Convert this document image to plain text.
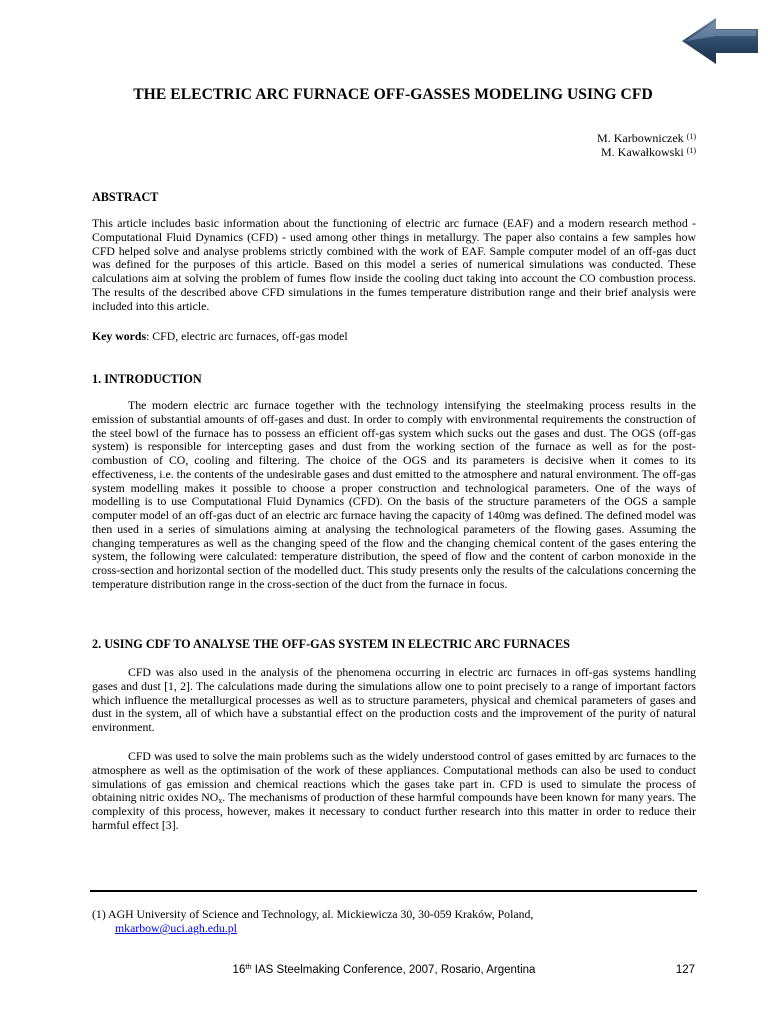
THE ELECTRIC ARC FURNACE OFF-GASSES MODELING USING CFD
M. Karbowniczek $^{(1)}$
M. Kawałkowski $^{(1)}$
ABSTRACT
This article includes basic information about the functioning of electric arc furnace (EAF) and a modern research method - Computational Fluid Dynamics (CFD) - used among other things in metallurgy. The paper also contains a few samples how CFD helped solve and analyse problems strictly combined with the work of EAF. Sample computer model of an off-gas duct was defined for the purposes of this article. Based on this model a series of numerical simulations was conducted. These calculations aim at solving the problem of fumes flow inside the cooling duct taking into account the CO combustion process. The results of the described above CFD simulations in the fumes temperature distribution range and their brief analysis were included into this article.
Key words: CFD, electric arc furnaces, off-gas model
1. INTRODUCTION
The modern electric arc furnace together with the technology intensifying the steelmaking process results in the emission of substantial amounts of off-gases and dust. In order to comply with environmental requirements the construction of the steel bowl of the furnace has to possess an efficient off-gas system which sucks out the gases and dust. The OGS (off-gas system) is responsible for intercepting gases and dust from the working section of the furnace as well as for the post-combustion of CO, cooling and filtering. The choice of the OGS and its parameters is decisive when it comes to its effectiveness, i.e. the contents of the undesirable gases and dust emitted to the atmosphere and natural environment. The off-gas system modelling makes it possible to choose a proper construction and technological parameters. One of the ways of modelling is to use Computational Fluid Dynamics (CFD). On the basis of the structure parameters of the OGS a sample computer model of an off-gas duct of an electric arc furnace having the capacity of 140mg was defined. The defined model was then used in a series of simulations aiming at analysing the technological parameters of the flowing gases. Assuming the changing temperatures as well as the changing speed of the flow and the changing chemical content of the gases entering the system, the following were calculated: temperature distribution, the speed of flow and the content of carbon monoxide in the cross-section and horizontal section of the modelled duct. This study presents only the results of the calculations concerning the temperature distribution range in the cross-section of the duct from the furnace in focus.
2. USING CDF TO ANALYSE THE OFF-GAS SYSTEM IN ELECTRIC ARC FURNACES
CFD was also used in the analysis of the phenomena occurring in electric arc furnaces in off-gas systems handling gases and dust [1, 2]. The calculations made during the simulations allow one to point precisely to a range of important factors which influence the metallurgical processes as well as to structure parameters, physical and chemical parameters of gases and dust in the system, all of which have a substantial effect on the production costs and the improvement of the purity of natural environment.
CFD was used to solve the main problems such as the widely understood control of gases emitted by arc furnaces to the atmosphere as well as the optimisation of the work of these appliances. Computational methods can also be used to conduct simulations of gas emission and chemical reactions which the gases take part in. CFD is used to simulate the process of obtaining nitric oxides $NO_x$. The mechanisms of production of these harmful compounds have been known for many years. The complexity of this process, however, makes it necessary to conduct further research into this matter in order to reduce their harmful effect [3].
(1) AGH University of Science and Technology, al. Mickiewicza 30, 30-059 Kraków, Poland,
mkarbow@uci.agh.edu.pl
16th IAS Steelmaking Conference, 2007, Rosario, Argentina	127
